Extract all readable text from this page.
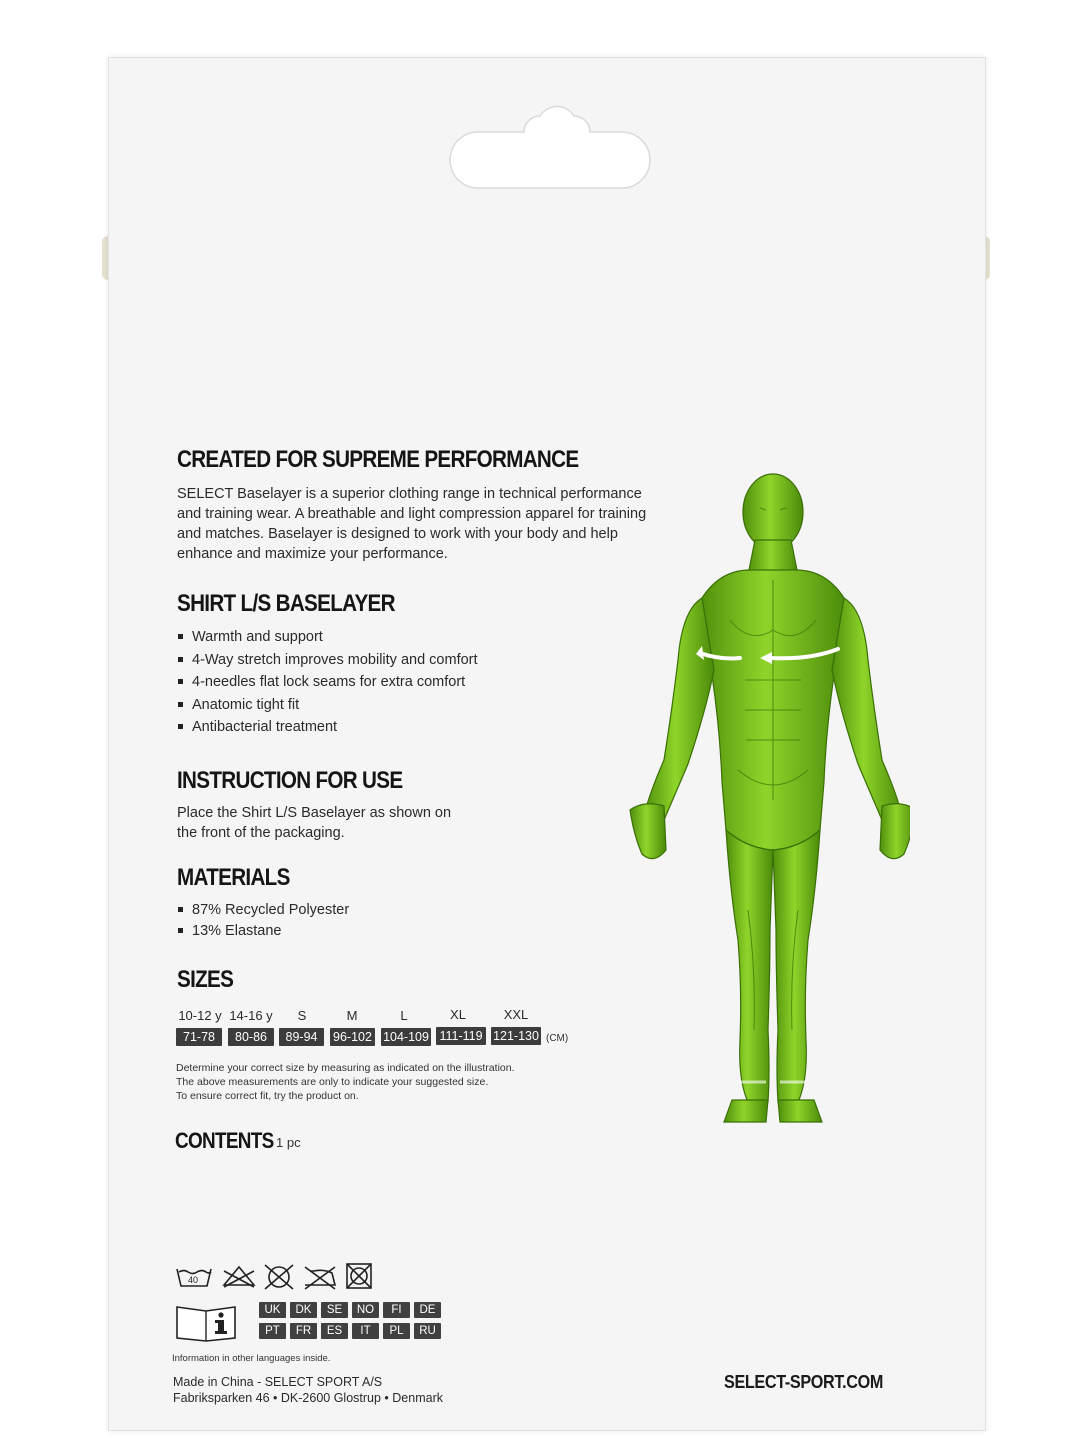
CREATED FOR SUPREME PERFORMANCE
SELECT Baselayer is a superior clothing range in technical performance
and training wear. A breathable and light compression apparel for training
and matches. Baselayer is designed to work with your body and help
enhance and maximize your performance.
SHIRT L/S BASELAYER
Warmth and support
4-Way stretch improves mobility and comfort
4-needles flat lock seams for extra comfort
Anatomic tight fit
Antibacterial treatment
INSTRUCTION FOR USE
Place the Shirt L/S Baselayer as shown on
the front of the packaging.
MATERIALS
87% Recycled Polyester
13% Elastane
SIZES
10-12 y 14-16 y	S	M	L	XL	XXL
71-78	80-86	89-94	96-102 104-109 111-119 121-130 (CM)
Determine your correct size by measuring as indicated on the illustration.
The above measurements are only to indicate your suggested size.
To ensure correct fit, try the product on.
CONTENTS 1 pc
40
UK	DK	SE	NO	FI	DE
PT	FR	ES	IT	PL	RU

Information in other languages inside.

Made in China - SELECT SPORT A/S
Fabriksparken 46 • DK-2600 Glostrup • Denmark
SELECT-SPORT.COM
